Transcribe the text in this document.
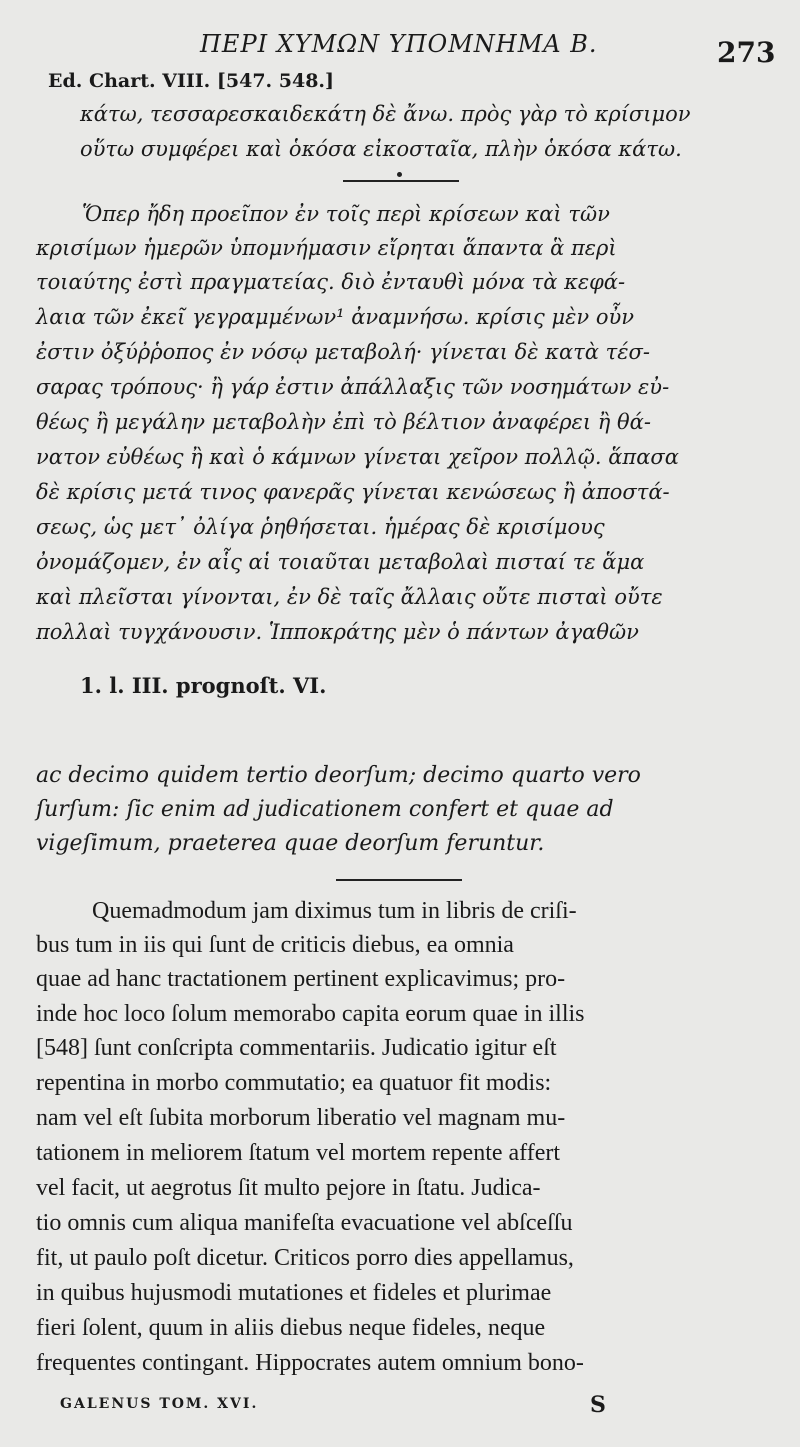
ΠΕΡΙ ΧΥΜΩΝ ΥΠΟΜΝΗΜΑ Β.	273
Ed. Chart. VIII. [547. 548.]
κάτω, τεσσαρεσκαιδεκάτη δὲ ἄνω. πρὸς γὰρ τὸ κρίσιμον
οὕτω συμφέρει καὶ ὁκόσα εἰκοσταῖα, πλὴν ὁκόσα κάτω.
Ὅπερ ἤδη προεῖπον ἐν τοῖς περὶ κρίσεων καὶ τῶν
κρισίμων ἡμερῶν ὑπομνήμασιν εἴρηται ἅπαντα ἃ περὶ
τοιαύτης ἐστὶ πραγματείας. διὸ ἐνταυθὶ μόνα τὰ κεφά-
λαια τῶν ἐκεῖ γεγραμμένων¹ ἀναμνήσω. κρίσις μὲν οὖν
ἐστιν ὀξύῤῥοπος ἐν νόσῳ μεταβολή· γίνεται δὲ κατὰ τέσ-
σαρας τρόπους· ἢ γάρ ἐστιν ἀπάλλαξις τῶν νοσημάτων εὐ-
θέως ἢ μεγάλην μεταβολὴν ἐπὶ τὸ βέλτιον ἀναφέρει ἢ θά-
νατον εὐθέως ἢ καὶ ὁ κάμνων γίνεται χεῖρον πολλῷ. ἅπασα
δὲ κρίσις μετά τινος φανερᾶς γίνεται κενώσεως ἢ ἀποστά-
σεως, ὡς μετ᾽ ὀλίγα ῥηθήσεται. ἡμέρας δὲ κρισίμους
ὀνομάζομεν, ἐν αἷς αἱ τοιαῦται μεταβολαὶ πισταί τε ἅμα
καὶ πλεῖσται γίνονται, ἐν δὲ ταῖς ἄλλαις οὔτε πισταὶ οὔτε
πολλαὶ τυγχάνουσιν. Ἱπποκράτης μὲν ὁ πάντων ἀγαθῶν
1. l. III. prognoſt. VI.
ac decimo quidem tertio deorſum; decimo quarto vero
ſurſum: ſic enim ad judicationem confert et quae ad
vigeſimum, praeterea quae deorſum feruntur.
Quemadmodum jam diximus tum in libris de criſi-
bus tum in iis qui ſunt de criticis diebus, ea omnia
quae ad hanc tractationem pertinent explicavimus; pro-
inde hoc loco ſolum memorabo capita eorum quae in illis
[548] ſunt conſcripta commentariis. Judicatio igitur eſt
repentina in morbo commutatio; ea quatuor fit modis:
nam vel eſt ſubita morborum liberatio vel magnam mu-
tationem in meliorem ſtatum vel mortem repente affert
vel facit, ut aegrotus ſit multo pejore in ſtatu. Judica-
tio omnis cum aliqua manifeſta evacuatione vel abſceſſu
fit, ut paulo poſt dicetur. Criticos porro dies appellamus,
in quibus hujusmodi mutationes et fideles et plurimae
fieri ſolent, quum in aliis diebus neque fideles, neque
frequentes contingant. Hippocrates autem omnium bono-
GALENUS TOM. XVI.	S
